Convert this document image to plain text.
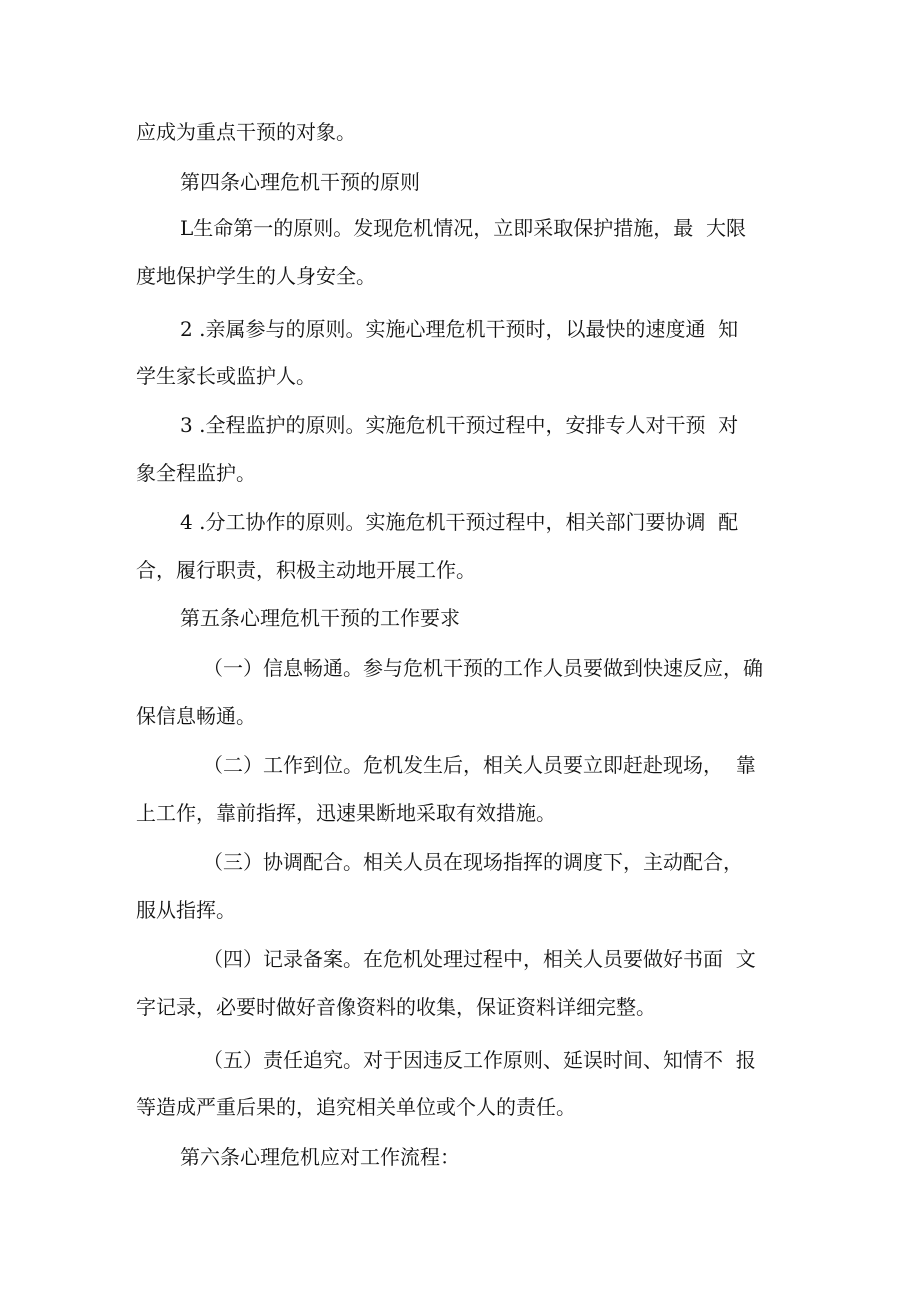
应成为重点干预的对象。

第四条心理危机干预的原则

L生命第一的原则。发现危机情况，立即采取保护措施，最  大限

度地保护学生的人身安全。

2 .亲属参与的原则。实施心理危机干预时，以最快的速度通  知

学生家长或监护人。

3 .全程监护的原则。实施危机干预过程中，安排专人对干预  对

象全程监护。

4 .分工协作的原则。实施危机干预过程中，相关部门要协调  配

合，履行职责，积极主动地开展工作。

第五条心理危机干预的工作要求

（一）信息畅通。参与危机干预的工作人员要做到快速反应，确

保信息畅通。

（二）工作到位。危机发生后，相关人员要立即赶赴现场，  靠

上工作，靠前指挥，迅速果断地采取有效措施。

（三）协调配合。相关人员在现场指挥的调度下，主动配合，

服从指挥。

（四）记录备案。在危机处理过程中，相关人员要做好书面  文

字记录，必要时做好音像资料的收集，保证资料详细完整。

（五）责任追究。对于因违反工作原则、延误时间、知情不  报

等造成严重后果的，追究相关单位或个人的责任。

第六条心理危机应对工作流程：
